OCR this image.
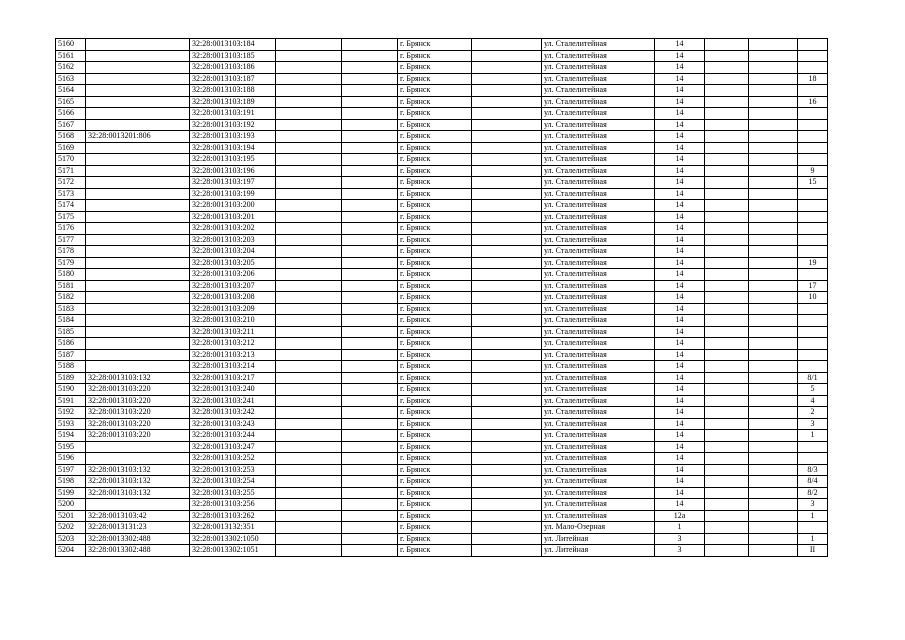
5160		32:28:0013103:184			г. Брянск		ул. Сталелитейная	14			
5161		32:28:0013103:185			г. Брянск		ул. Сталелитейная	14			
5162		32:28:0013103:186			г. Брянск		ул. Сталелитейная	14			
5163		32:28:0013103:187			г. Брянск		ул. Сталелитейная	14			18
5164		32:28:0013103:188			г. Брянск		ул. Сталелитейная	14			
5165		32:28:0013103:189			г. Брянск		ул. Сталелитейная	14			16
5166		32:28:0013103:191			г. Брянск		ул. Сталелитейная	14			
5167		32:28:0013103:192			г. Брянск		ул. Сталелитейная	14			
5168	32:28:0013201:806	32:28:0013103:193			г. Брянск		ул. Сталелитейная	14			
5169		32:28:0013103:194			г. Брянск		ул. Сталелитейная	14			
5170		32:28:0013103:195			г. Брянск		ул. Сталелитейная	14			
5171		32:28:0013103:196			г. Брянск		ул. Сталелитейная	14			9
5172		32:28:0013103:197			г. Брянск		ул. Сталелитейная	14			15
5173		32:28:0013103:199			г. Брянск		ул. Сталелитейная	14			
5174		32:28:0013103:200			г. Брянск		ул. Сталелитейная	14			
5175		32:28:0013103:201			г. Брянск		ул. Сталелитейная	14			
5176		32:28:0013103:202			г. Брянск		ул. Сталелитейная	14			
5177		32:28:0013103:203			г. Брянск		ул. Сталелитейная	14			
5178		32:28:0013103:204			г. Брянск		ул. Сталелитейная	14			
5179		32:28:0013103:205			г. Брянск		ул. Сталелитейная	14			19
5180		32:28:0013103:206			г. Брянск		ул. Сталелитейная	14			
5181		32:28:0013103:207			г. Брянск		ул. Сталелитейная	14			17
5182		32:28:0013103:208			г. Брянск		ул. Сталелитейная	14			10
5183		32:28:0013103:209			г. Брянск		ул. Сталелитейная	14			
5184		32:28:0013103:210			г. Брянск		ул. Сталелитейная	14			
5185		32:28:0013103:211			г. Брянск		ул. Сталелитейная	14			
5186		32:28:0013103:212			г. Брянск		ул. Сталелитейная	14			
5187		32:28:0013103:213			г. Брянск		ул. Сталелитейная	14			
5188		32:28:0013103:214			г. Брянск		ул. Сталелитейная	14			
5189	32:28:0013103:132	32:28:0013103:217			г. Брянск		ул. Сталелитейная	14			8/1
5190	32:28:0013103:220	32:28:0013103:240			г. Брянск		ул. Сталелитейная	14			5
5191	32:28:0013103:220	32:28:0013103:241			г. Брянск		ул. Сталелитейная	14			4
5192	32:28:0013103:220	32:28:0013103:242			г. Брянск		ул. Сталелитейная	14			2
5193	32:28:0013103:220	32:28:0013103:243			г. Брянск		ул. Сталелитейная	14			3
5194	32:28:0013103:220	32:28:0013103:244			г. Брянск		ул. Сталелитейная	14			1
5195		32:28:0013103:247			г. Брянск		ул. Сталелитейная	14			
5196		32:28:0013103:252			г. Брянск		ул. Сталелитейная	14			
5197	32:28:0013103:132	32:28:0013103:253			г. Брянск		ул. Сталелитейная	14			8/3
5198	32:28:0013103:132	32:28:0013103:254			г. Брянск		ул. Сталелитейная	14			8/4
5199	32:28:0013103:132	32:28:0013103:255			г. Брянск		ул. Сталелитейная	14			8/2
5200		32:28:0013103:256			г. Брянск		ул. Сталелитейная	14			3
5201	32:28:0013103:42	32:28:0013103:262			г. Брянск		ул. Сталелитейная	12а			1
5202	32:28:0013131:23	32:28:0013132:351			г. Брянск		ул. Мало-Озерная	1			
5203	32:28:0013302:488	32:28:0013302:1050			г. Брянск		ул. Литейная	3			1
5204	32:28:0013302:488	32:28:0013302:1051			г. Брянск		ул. Литейная	3			II
